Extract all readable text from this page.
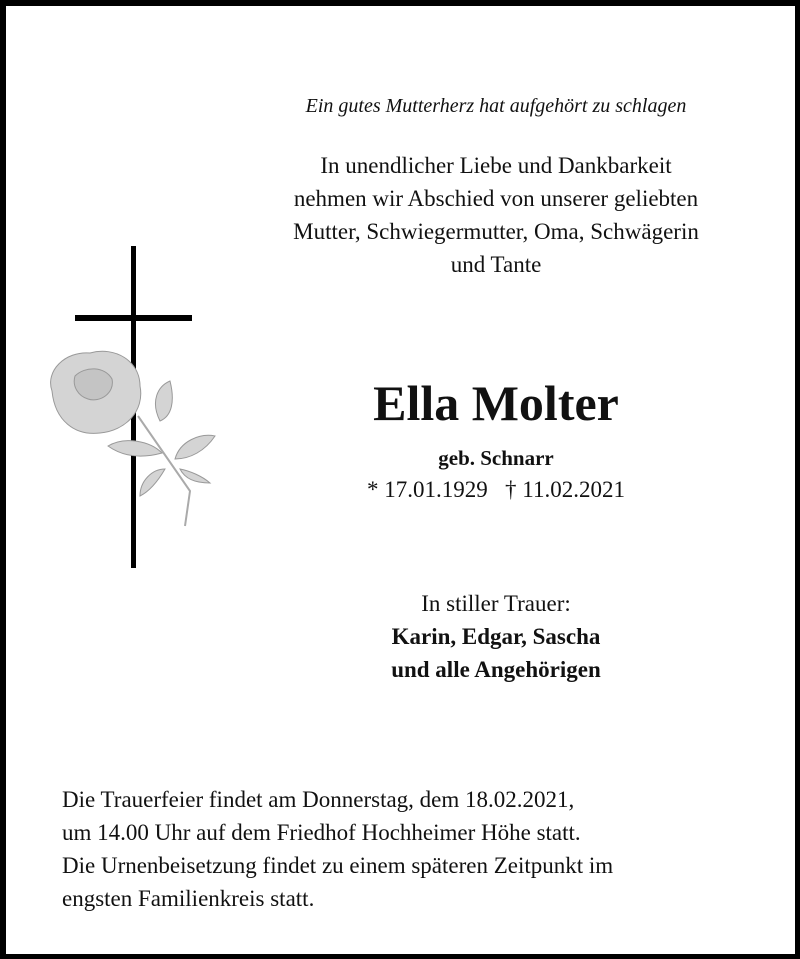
Ein gutes Mutterherz hat aufgehört zu schlagen

In unendlicher Liebe und Dankbarkeit

nehmen wir Abschied von unserer geliebten

Mutter, Schwiegermutter, Oma, Schwägerin

und Tante

Ella Molter

geb. Schnarr

* 17.01.1929   † 11.02.2021

In stiller Trauer:

Karin, Edgar, Sascha

und alle Angehörigen

Die Trauerfeier findet am Donnerstag, dem 18.02.2021,

um 14.00 Uhr auf dem Friedhof Hochheimer Höhe statt.

Die Urnenbeisetzung findet zu einem späteren Zeitpunkt im

engsten Familienkreis statt.
